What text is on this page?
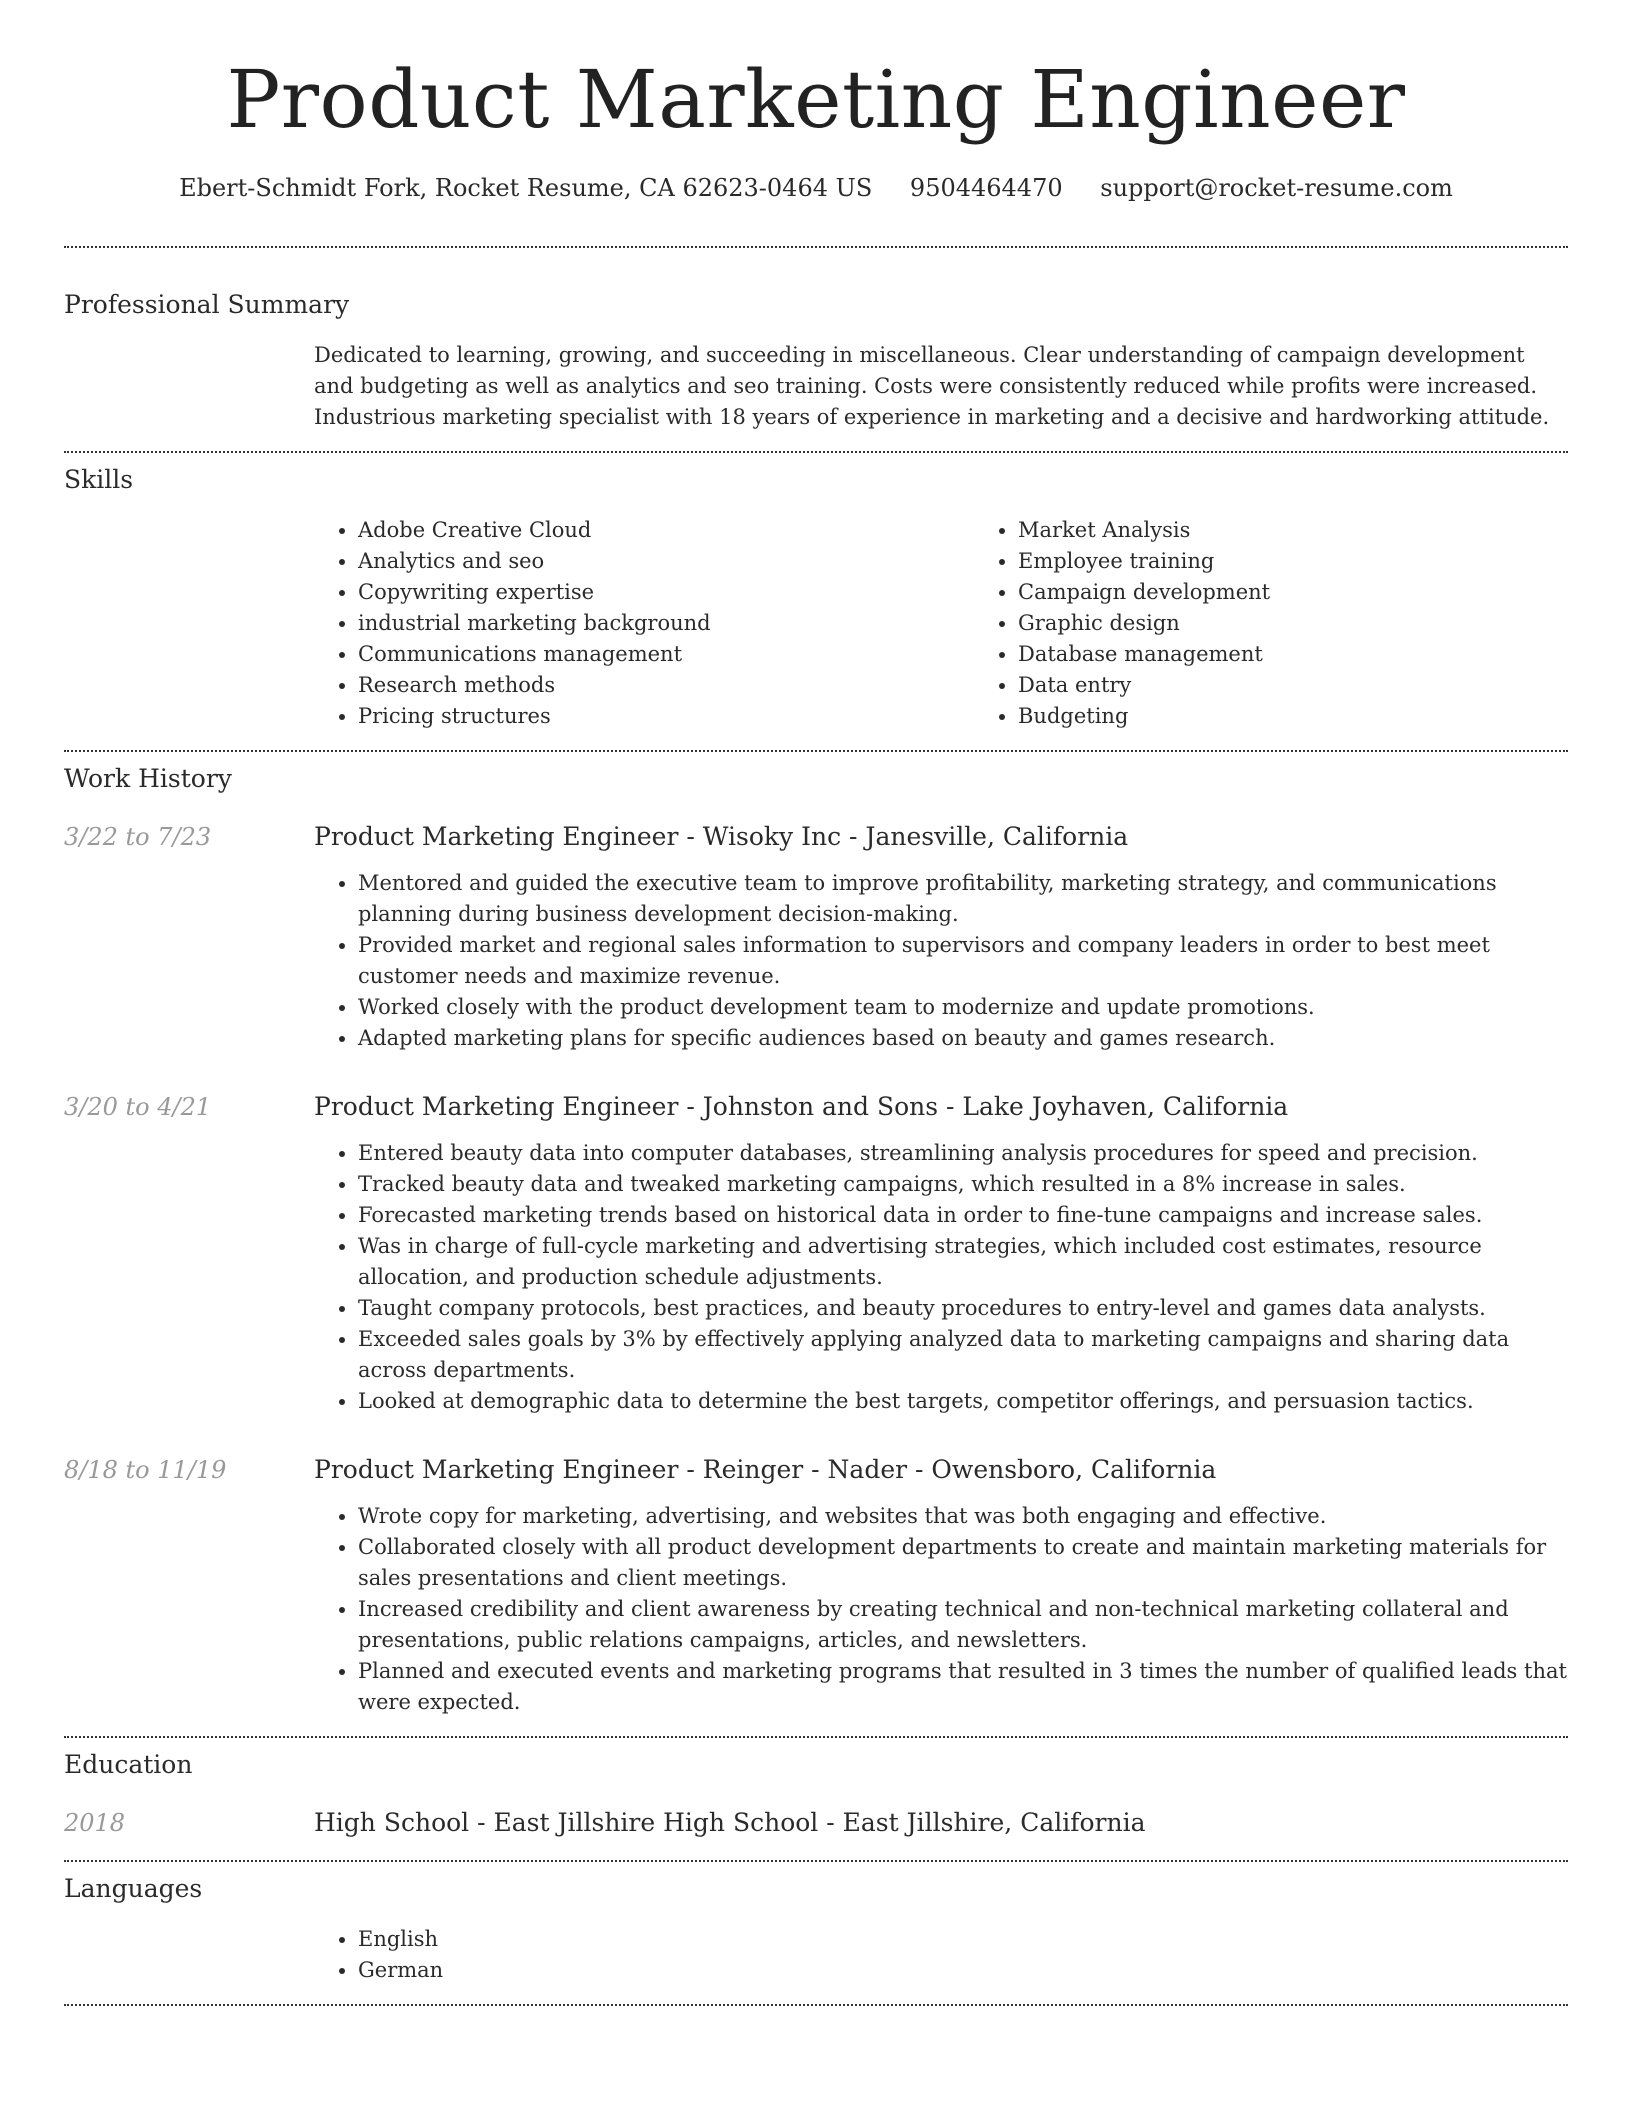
Product Marketing Engineer
Ebert-Schmidt Fork, Rocket Resume, CA 62623-0464 US 9504464470 support@rocket-resume.com
Professional Summary

Dedicated to learning, growing, and succeeding in miscellaneous. Clear understanding of campaign development and budgeting as well as analytics and seo training. Costs were consistently reduced while profits were increased. Industrious marketing specialist with 18 years of experience in marketing and a decisive and hardworking attitude.

Skills
• Adobe Creative Cloud
• Analytics and seo
• Copywriting expertise
• industrial marketing background
• Communications management
• Research methods
• Pricing structures
• Market Analysis
• Employee training
• Campaign development
• Graphic design
• Database management
• Data entry
• Budgeting
Work History
3/22 to 7/23	Product Marketing Engineer - Wisoky Inc - Janesville, California
• Mentored and guided the executive team to improve profitability, marketing strategy, and communications planning during business development decision-making.
• Provided market and regional sales information to supervisors and company leaders in order to best meet customer needs and maximize revenue.
• Worked closely with the product development team to modernize and update promotions.
• Adapted marketing plans for specific audiences based on beauty and games research.
3/20 to 4/21	Product Marketing Engineer - Johnston and Sons - Lake Joyhaven, California
• Entered beauty data into computer databases, streamlining analysis procedures for speed and precision.
• Tracked beauty data and tweaked marketing campaigns, which resulted in a 8% increase in sales.
• Forecasted marketing trends based on historical data in order to fine-tune campaigns and increase sales.
• Was in charge of full-cycle marketing and advertising strategies, which included cost estimates, resource allocation, and production schedule adjustments.
• Taught company protocols, best practices, and beauty procedures to entry-level and games data analysts.
• Exceeded sales goals by 3% by effectively applying analyzed data to marketing campaigns and sharing data across departments.
• Looked at demographic data to determine the best targets, competitor offerings, and persuasion tactics.
8/18 to 11/19	Product Marketing Engineer - Reinger - Nader - Owensboro, California
• Wrote copy for marketing, advertising, and websites that was both engaging and effective.
• Collaborated closely with all product development departments to create and maintain marketing materials for sales presentations and client meetings.
• Increased credibility and client awareness by creating technical and non-technical marketing collateral and presentations, public relations campaigns, articles, and newsletters.
• Planned and executed events and marketing programs that resulted in 3 times the number of qualified leads that were expected.
Education
2018	High School - East Jillshire High School - East Jillshire, California
Languages
• English
• German
